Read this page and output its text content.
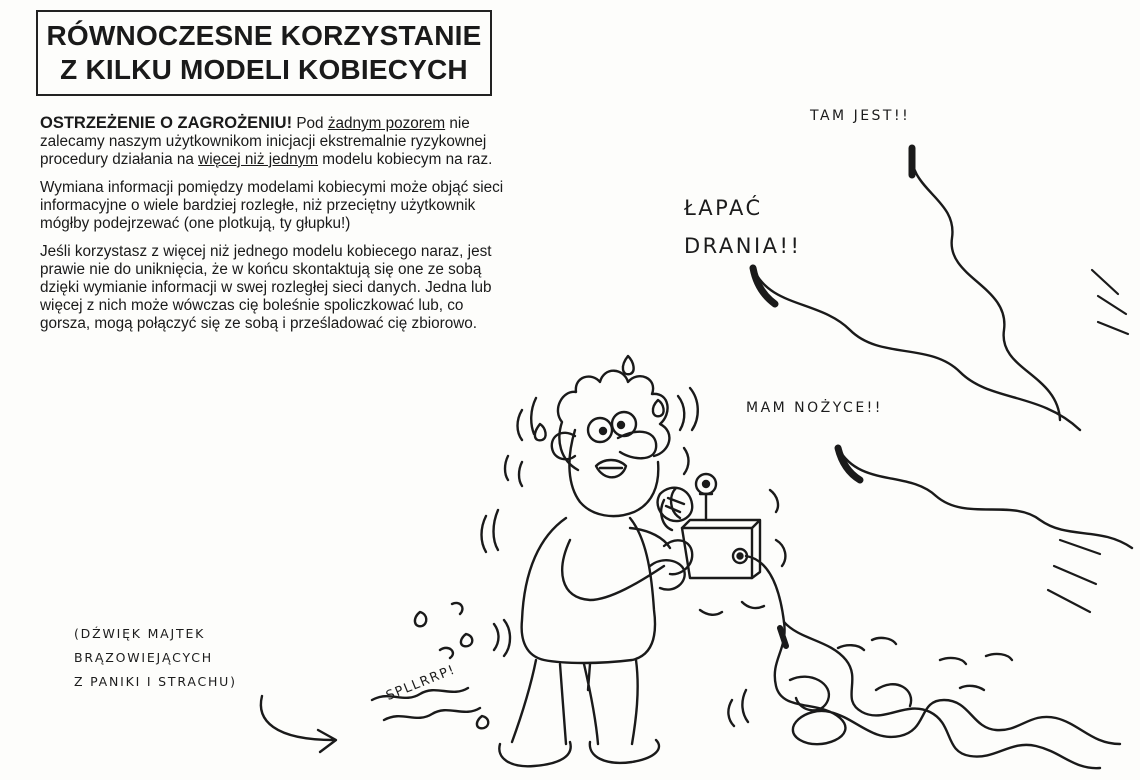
RÓWNOCZESNE KORZYSTANIE
Z KILKU MODELI KOBIECYCH

OSTRZEŻENIE O ZAGROŻENIU! Pod żadnym pozorem nie zalecamy naszym użytkownikom inicjacji ekstremalnie ryzykownej procedury działania na więcej niż jednym modelu kobiecym na raz.

Wymiana informacji pomiędzy modelami kobiecymi może objąć sieci informacyjne o wiele bardziej rozległe, niż przeciętny użytkownik mógłby podejrzewać (one plotkują, ty głupku!)

Jeśli korzystasz z więcej niż jednego modelu kobiecego naraz, jest prawie nie do uniknięcia, że w końcu skontaktują się one ze sobą dzięki wymianie informacji w swej rozległej sieci danych. Jedna lub więcej z nich może wówczas cię boleśnie spoliczkować lub, co gorsza, mogą połączyć się ze sobą i prześladować cię zbiorowo.

TAM JEST!!
ŁAPAĆ
DRANIA!!
MAM NOŻYCE!!
(DŹWIĘK MAJTEK
BRĄZOWIEJĄCYCH
Z PANIKI I STRACHU)	SPLLRRP!
